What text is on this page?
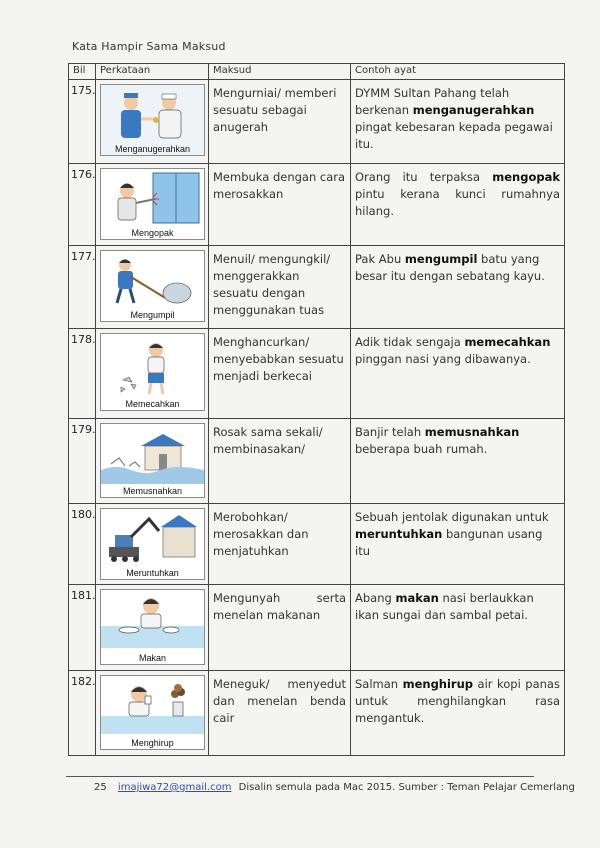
Kata Hampir Sama Maksud
Bil	Perkataan	Maksud	Contoh ayat
175.	Menganugerahkan	Mengurniai/ memberi sesuatu sebagai anugerah	DYMM Sultan Pahang telah berkenan menganugerahkan pingat kebesaran kepada pegawai itu.
176.	Mengopak	Membuka dengan cara merosakkan	Orang itu terpaksa mengopak pintu kerana kunci rumahnya hilang.
177.	Mengumpil	Menuil/ mengungkil/ menggerakkan sesuatu dengan menggunakan tuas	Pak Abu mengumpil batu yang besar itu dengan sebatang kayu.
178.	Memecahkan	Menghancurkan/ menyebabkan sesuatu menjadi berkecai	Adik tidak sengaja memecahkan pinggan nasi yang dibawanya.
179.	Memusnahkan	Rosak sama sekali/ membinasakan/	Banjir telah memusnahkan beberapa buah rumah.
180.	Meruntuhkan	Merobohkan/ merosakkan dan menjatuhkan	Sebuah jentolak digunakan untuk meruntuhkan bangunan usang itu
181.	Makan	Mengunyah serta menelan makanan	Abang makan nasi berlaukkan ikan sungai dan sambal petai.
182.	Menghirup	Meneguk/ menyedut dan menelan benda cair	Salman menghirup air kopi panas untuk menghilangkan rasa mengantuk.
25 imajiwa72@gmail.com Disalin semula pada Mac 2015. Sumber : Teman Pelajar Cemerlang
